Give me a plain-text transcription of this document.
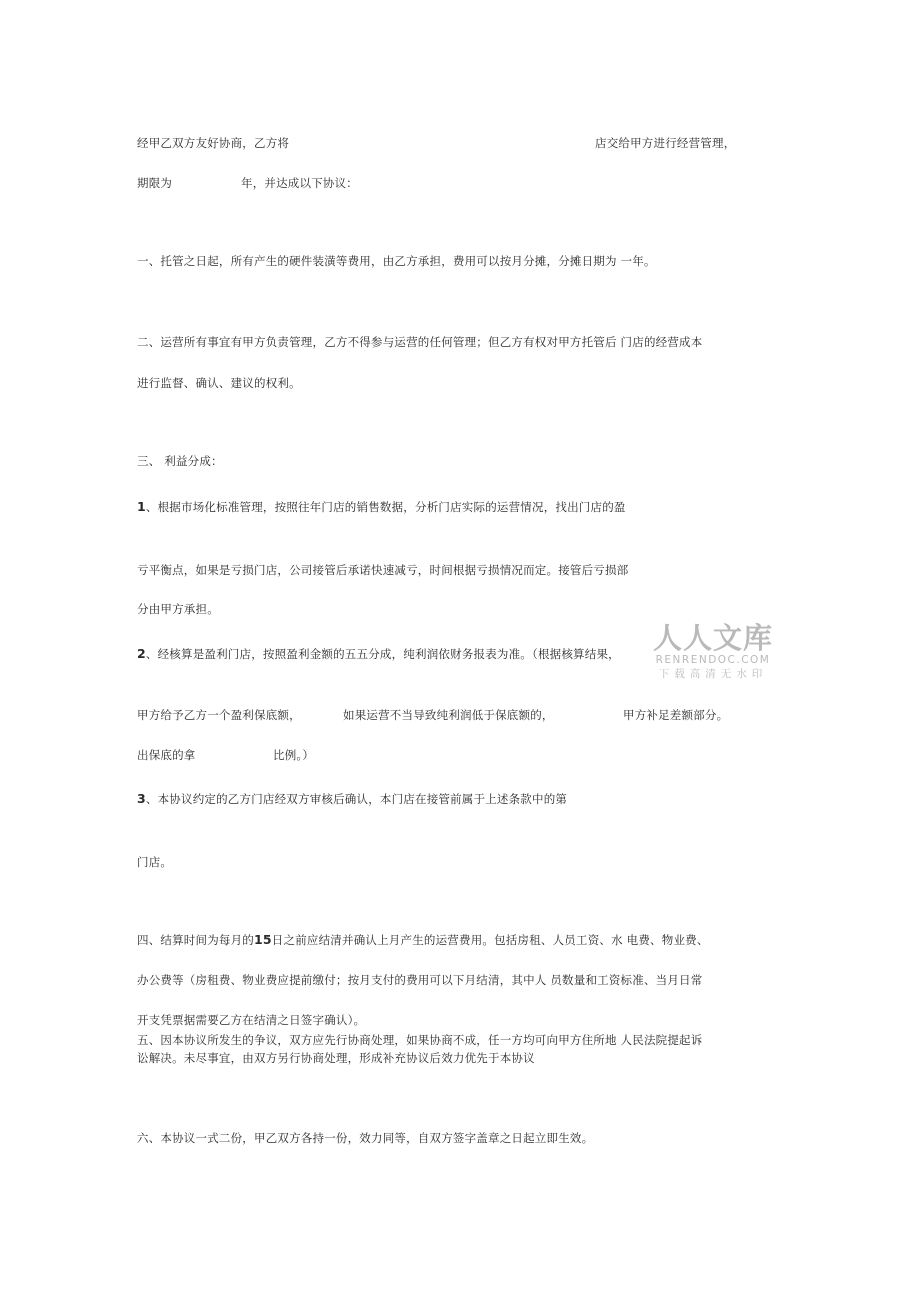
经甲乙双方友好协商，乙方将	店交给甲方进行经营管理，
期限为	年，并达成以下协议：
一、托管之日起，所有产生的硬件装潢等费用，由乙方承担，费用可以按月分摊，分摊日期为 一年。
二、运营所有事宜有甲方负责管理，乙方不得参与运营的任何管理；但乙方有权对甲方托管后 门店的经营成本
进行监督、确认、建议的权利。
三、 利益分成：
1、根据市场化标准管理，按照往年门店的销售数据，分析门店实际的运营情况，找出门店的盈
亏平衡点，如果是亏损门店，公司接管后承诺快速减亏，时间根据亏损情况而定。接管后亏损部
分由甲方承担。
2、经核算是盈利门店，按照盈利金额的五五分成，纯利润依财务报表为准。（根据核算结果，
甲方给予乙方一个盈利保底额，	如果运营不当导致纯利润低于保底额的，	甲方补足差额部分。
出保底的拿	比例。）
3、本协议约定的乙方门店经双方审核后确认，本门店在接管前属于上述条款中的第
门店。
四、结算时间为每月的15日之前应结清并确认上月产生的运营费用。包括房租、人员工资、水 电费、物业费、
办公费等（房租费、物业费应提前缴付；按月支付的费用可以下月结清，其中人 员数量和工资标准、当月日常
开支凭票据需要乙方在结清之日签字确认）。
五、因本协议所发生的争议，双方应先行协商处理，如果协商不成，任一方均可向甲方住所地 人民法院提起诉
讼解决。未尽事宜，由双方另行协商处理，形成补充协议后效力优先于本协议
六、本协议一式二份，甲乙双方各持一份，效力同等，自双方签字盖章之日起立即生效。
人人文库
RENRENDOC.COM
下载高清无水印
